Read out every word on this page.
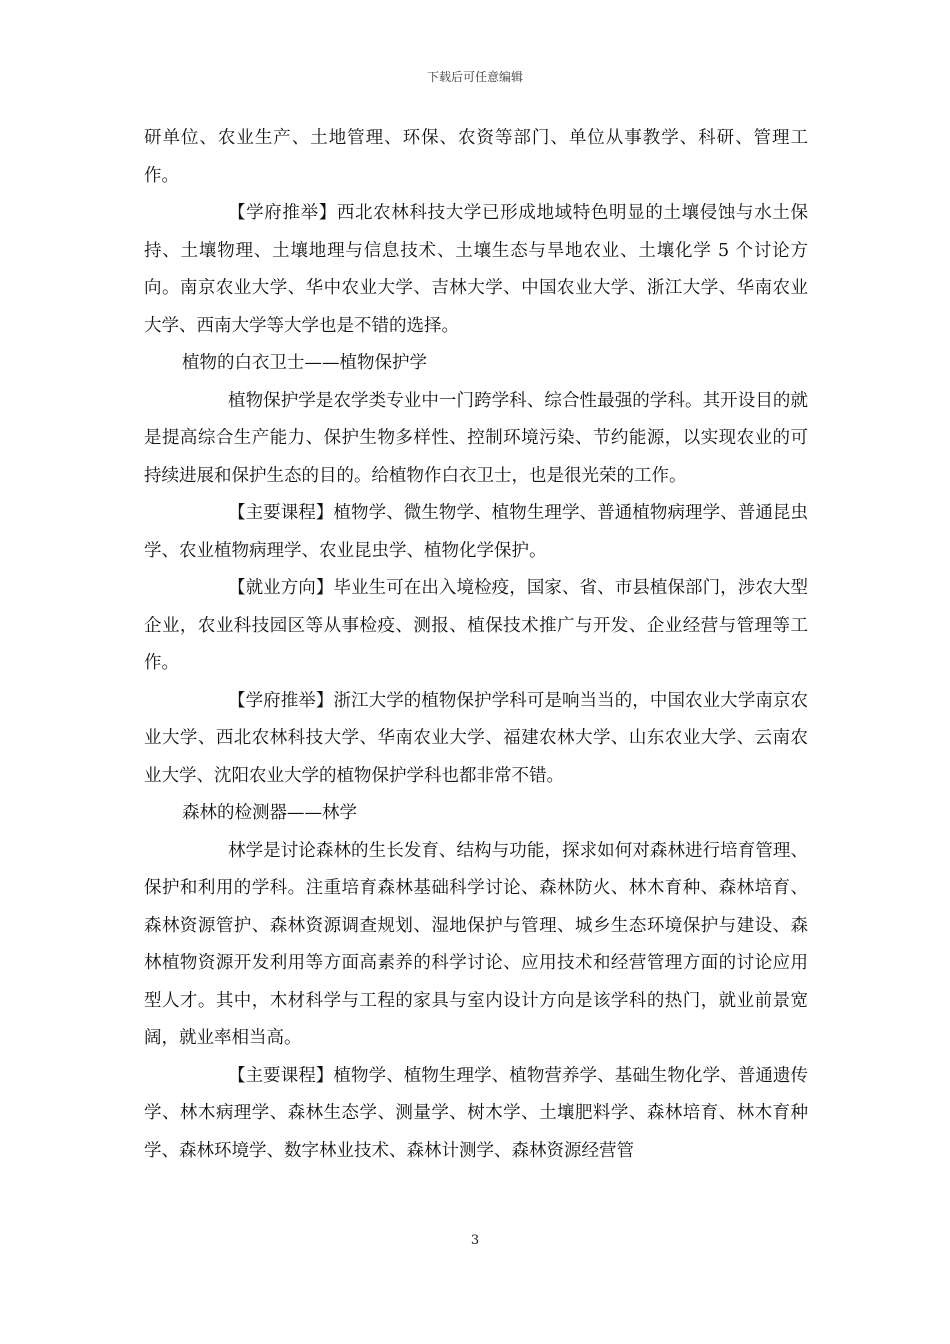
下载后可任意编辑

研单位、农业生产、土地管理、环保、农资等部门、单位从事教学、科研、管理工作。

【学府推举】西北农林科技大学已形成地域特色明显的土壤侵蚀与水土保持、土壤物理、土壤地理与信息技术、土壤生态与旱地农业、土壤化学 5 个讨论方向。南京农业大学、华中农业大学、吉林大学、中国农业大学、浙江大学、华南农业大学、西南大学等大学也是不错的选择。

植物的白衣卫士——植物保护学

植物保护学是农学类专业中一门跨学科、综合性最强的学科。其开设目的就是提高综合生产能力、保护生物多样性、控制环境污染、节约能源，以实现农业的可持续进展和保护生态的目的。给植物作白衣卫士，也是很光荣的工作。

【主要课程】植物学、微生物学、植物生理学、普通植物病理学、普通昆虫学、农业植物病理学、农业昆虫学、植物化学保护。

【就业方向】毕业生可在出入境检疫，国家、省、市县植保部门，涉农大型企业，农业科技园区等从事检疫、测报、植保技术推广与开发、企业经营与管理等工作。

【学府推举】浙江大学的植物保护学科可是响当当的，中国农业大学南京农业大学、西北农林科技大学、华南农业大学、福建农林大学、山东农业大学、云南农业大学、沈阳农业大学的植物保护学科也都非常不错。

森林的检测器——林学

林学是讨论森林的生长发育、结构与功能，探求如何对森林进行培育管理、保护和利用的学科。注重培育森林基础科学讨论、森林防火、林木育种、森林培育、森林资源管护、森林资源调查规划、湿地保护与管理、城乡生态环境保护与建设、森林植物资源开发利用等方面高素养的科学讨论、应用技术和经营管理方面的讨论应用型人才。其中，木材科学与工程的家具与室内设计方向是该学科的热门，就业前景宽阔，就业率相当高。

【主要课程】植物学、植物生理学、植物营养学、基础生物化学、普通遗传学、林木病理学、森林生态学、测量学、树木学、土壤肥料学、森林培育、林木育种学、森林环境学、数字林业技术、森林计测学、森林资源经营管

3
